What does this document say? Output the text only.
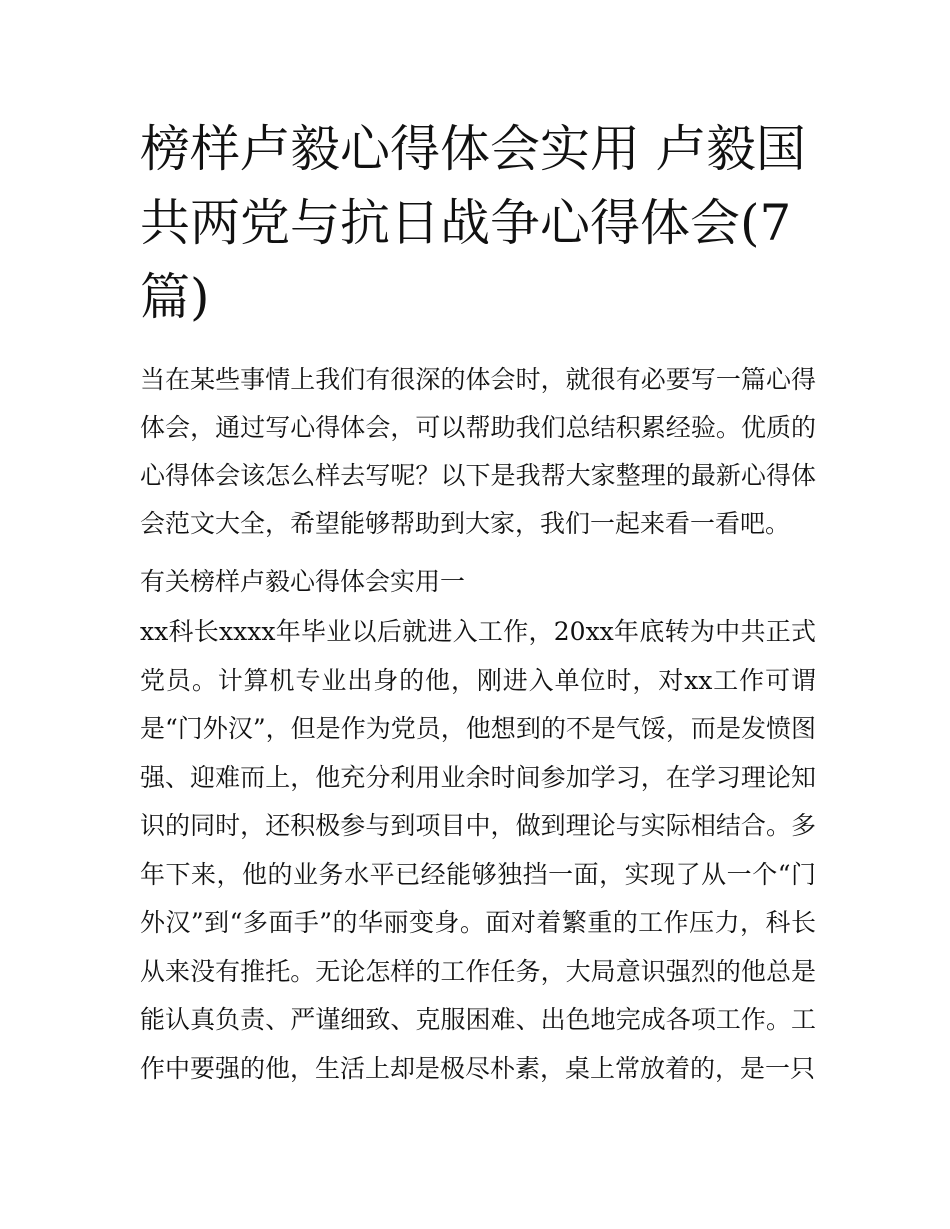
榜样卢毅心得体会实用 卢毅国共两党与抗日战争心得体会(7篇)

当在某些事情上我们有很深的体会时，就很有必要写一篇心得体会，通过写心得体会，可以帮助我们总结积累经验。优质的心得体会该怎么样去写呢？以下是我帮大家整理的最新心得体会范文大全，希望能够帮助到大家，我们一起来看一看吧。

有关榜样卢毅心得体会实用一

xx科长xxxx年毕业以后就进入工作，20xx年底转为中共正式党员。计算机专业出身的他，刚进入单位时，对xx工作可谓是“门外汉”，但是作为党员，他想到的不是气馁，而是发愤图强、迎难而上，他充分利用业余时间参加学习，在学习理论知识的同时，还积极参与到项目中，做到理论与实际相结合。多年下来，他的业务水平已经能够独挡一面，实现了从一个“门外汉”到“多面手”的华丽变身。面对着繁重的工作压力，科长从来没有推托。无论怎样的工作任务，大局意识强烈的他总是能认真负责、严谨细致、克服困难、出色地完成各项工作。工作中要强的他，生活上却是极尽朴素，桌上常放着的，是一只
